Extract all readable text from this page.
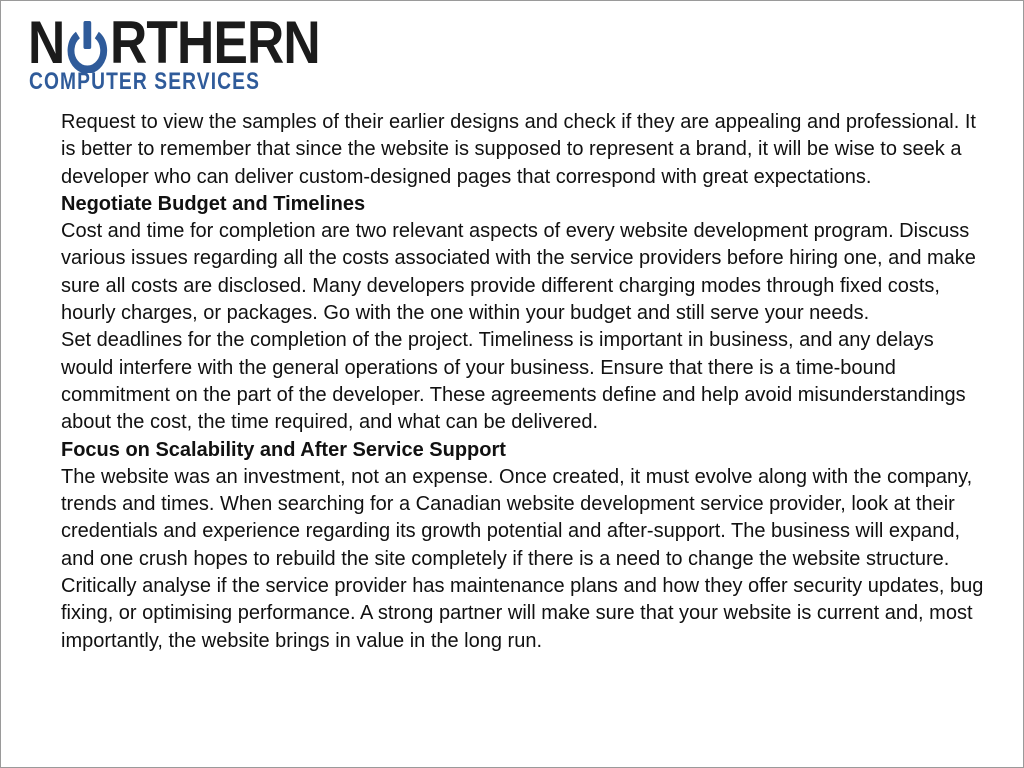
N RTHERN
COMPUTER SERVICES

Request to view the samples of their earlier designs and check if they are appealing and professional. It is better to remember that since the website is supposed to represent a brand, it will be wise to seek a developer who can deliver custom-designed pages that correspond with great expectations.

Negotiate Budget and Timelines

Cost and time for completion are two relevant aspects of every website development program. Discuss various issues regarding all the costs associated with the service providers before hiring one, and make sure all costs are disclosed. Many developers provide different charging modes through fixed costs, hourly charges, or packages. Go with the one within your budget and still serve your needs.

Set deadlines for the completion of the project. Timeliness is important in business, and any delays would interfere with the general operations of your business. Ensure that there is a time-bound commitment on the part of the developer. These agreements define and help avoid misunderstandings about the cost, the time required, and what can be delivered.

Focus on Scalability and After Service Support

The website was an investment, not an expense. Once created, it must evolve along with the company, trends and times. When searching for a Canadian website development service provider, look at their credentials and experience regarding its growth potential and after-support. The business will expand, and one crush hopes to rebuild the site completely if there is a need to change the website structure.

Critically analyse if the service provider has maintenance plans and how they offer security updates, bug fixing, or optimising performance. A strong partner will make sure that your website is current and, most importantly, the website brings in value in the long run.
